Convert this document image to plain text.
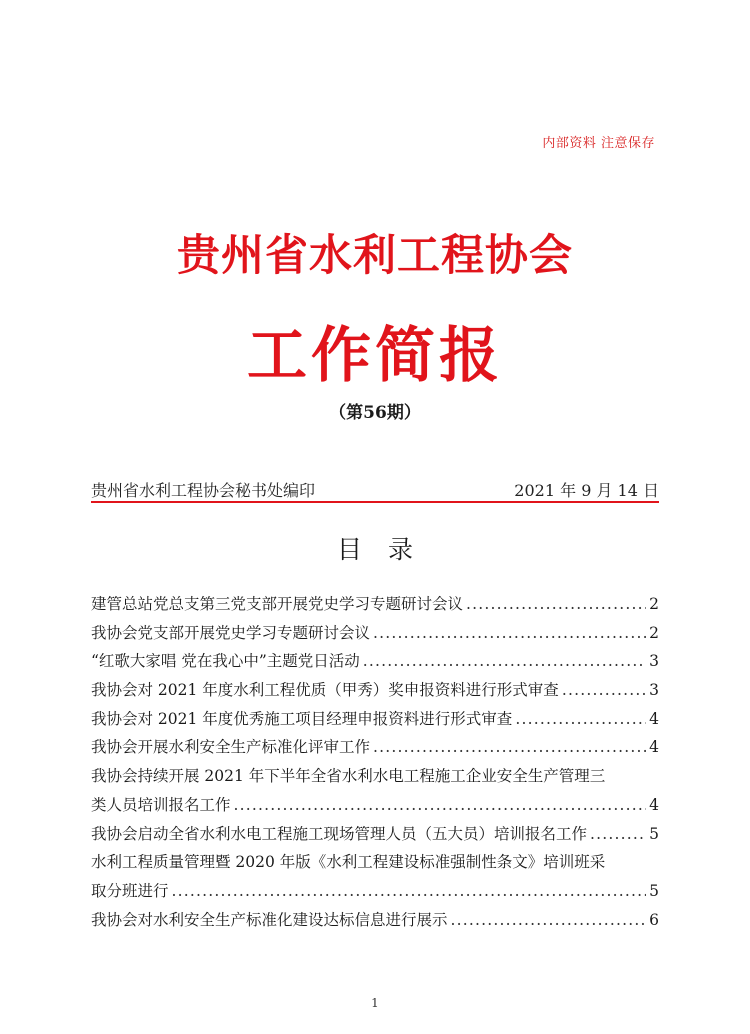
内部资料 注意保存
贵州省水利工程协会
工作简报
（第56期）
贵州省水利工程协会秘书处编印	2021 年 9 月 14 日
目录
建管总站党总支第三党支部开展党史学习专题研讨会议 .....	2
我协会党支部开展党史学习专题研讨会议 .....	2
“红歌大家唱 党在我心中”主题党日活动 .....	3
我协会对 2021 年度水利工程优质（甲秀）奖申报资料进行形式审查 .....	3
我协会对 2021 年度优秀施工项目经理申报资料进行形式审查 .....	4
我协会开展水利安全生产标准化评审工作 .....	4
我协会持续开展 2021 年下半年全省水利水电工程施工企业安全生产管理三
类人员培训报名工作 .....	4
我协会启动全省水利水电工程施工现场管理人员（五大员）培训报名工作 .....	5
水利工程质量管理暨 2020 年版《水利工程建设标准强制性条文》培训班采
取分班进行 .....	5
我协会对水利安全生产标准化建设达标信息进行展示 .....	6
1
